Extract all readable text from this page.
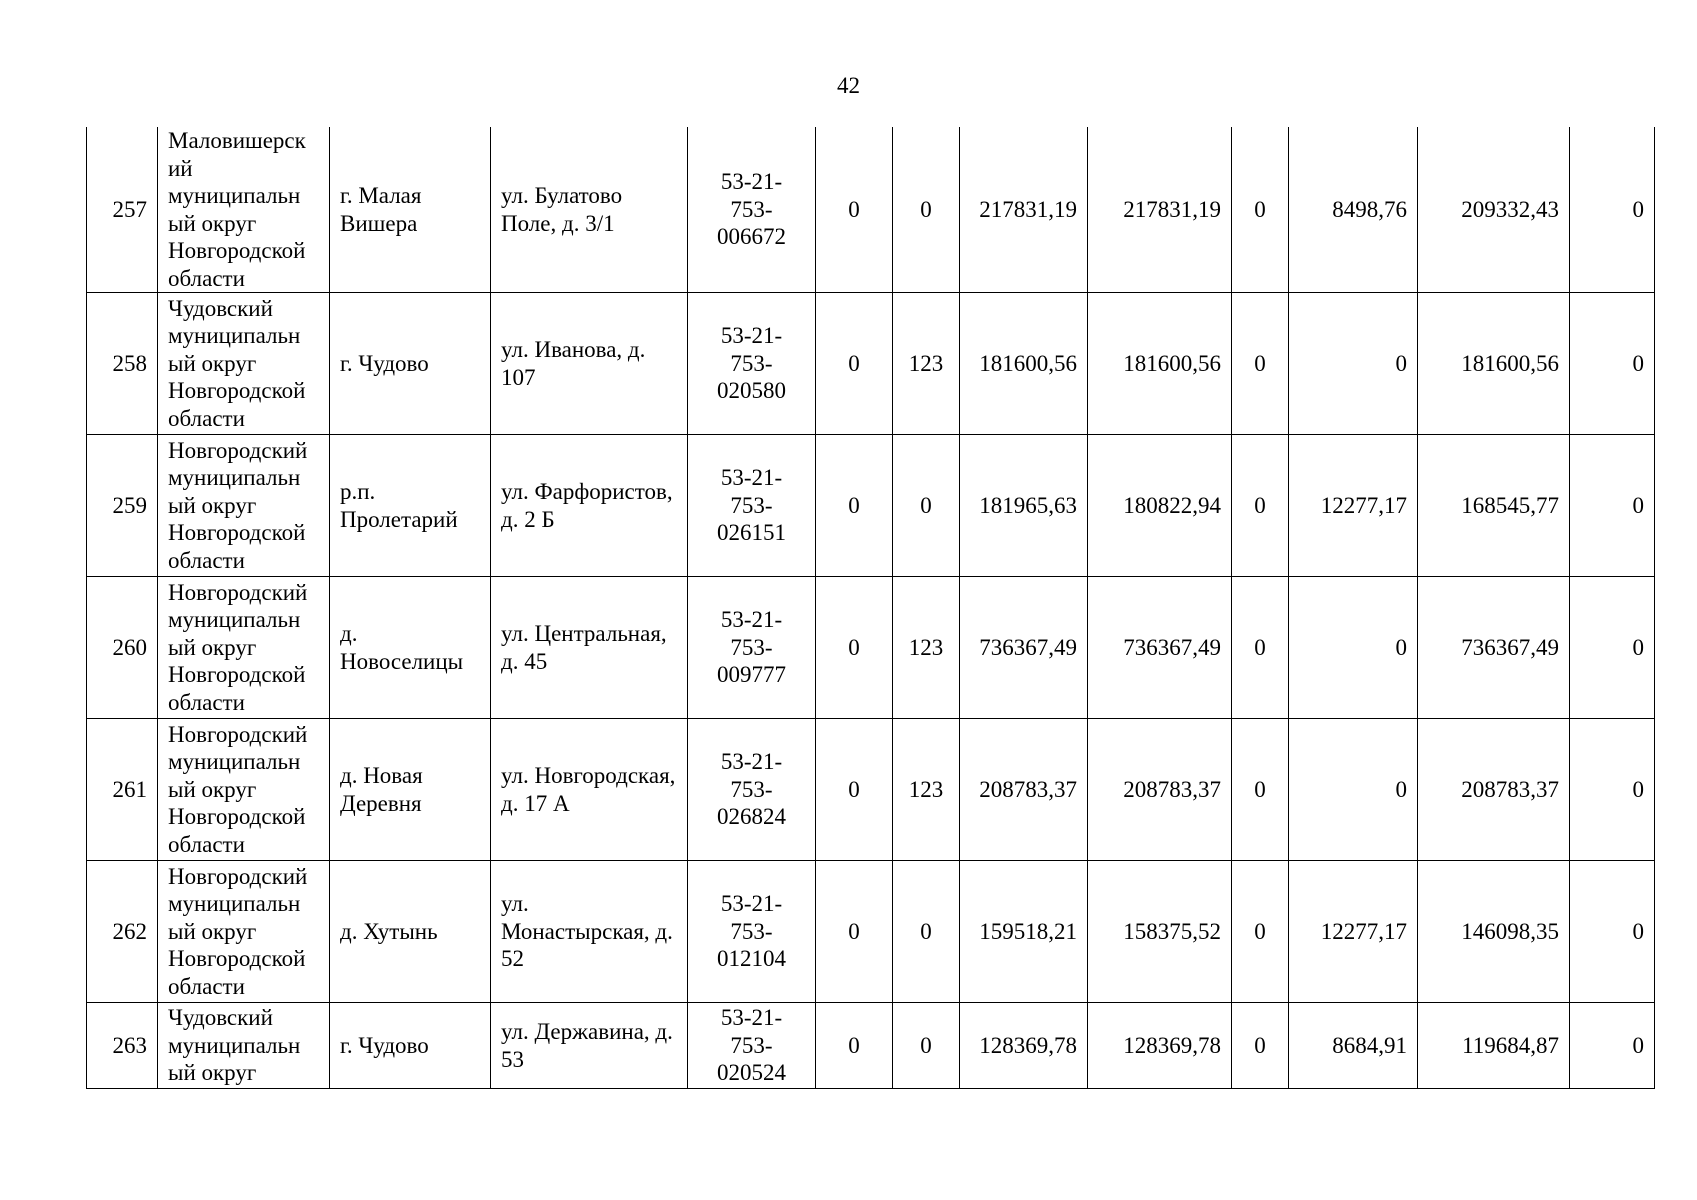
42
257	Маловишерск ий муниципальн ый округ Новгородской области	г. Малая Вишера	ул. Булатово Поле, д. 3/1	53-21- 753- 006672	0	0	217831,19	217831,19	0	8498,76	209332,43	0
258	Чудовский муниципальн ый округ Новгородской области	г. Чудово	ул. Иванова, д. 107	53-21- 753- 020580	0	123	181600,56	181600,56	0	0	181600,56	0
259	Новгородский муниципальн ый округ Новгородской области	р.п. Пролетарий	ул. Фарфористов, д. 2 Б	53-21- 753- 026151	0	0	181965,63	180822,94	0	12277,17	168545,77	0
260	Новгородский муниципальн ый округ Новгородской области	д. Новоселицы	ул. Центральная, д. 45	53-21- 753- 009777	0	123	736367,49	736367,49	0	0	736367,49	0
261	Новгородский муниципальн ый округ Новгородской области	д. Новая Деревня	ул. Новгородская, д. 17 А	53-21- 753- 026824	0	123	208783,37	208783,37	0	0	208783,37	0
262	Новгородский муниципальн ый округ Новгородской области	д. Хутынь	ул. Монастырская, д. 52	53-21- 753- 012104	0	0	159518,21	158375,52	0	12277,17	146098,35	0
263	Чудовский муниципальн ый округ	г. Чудово	ул. Державина, д. 53	53-21- 753- 020524	0	0	128369,78	128369,78	0	8684,91	119684,87	0
